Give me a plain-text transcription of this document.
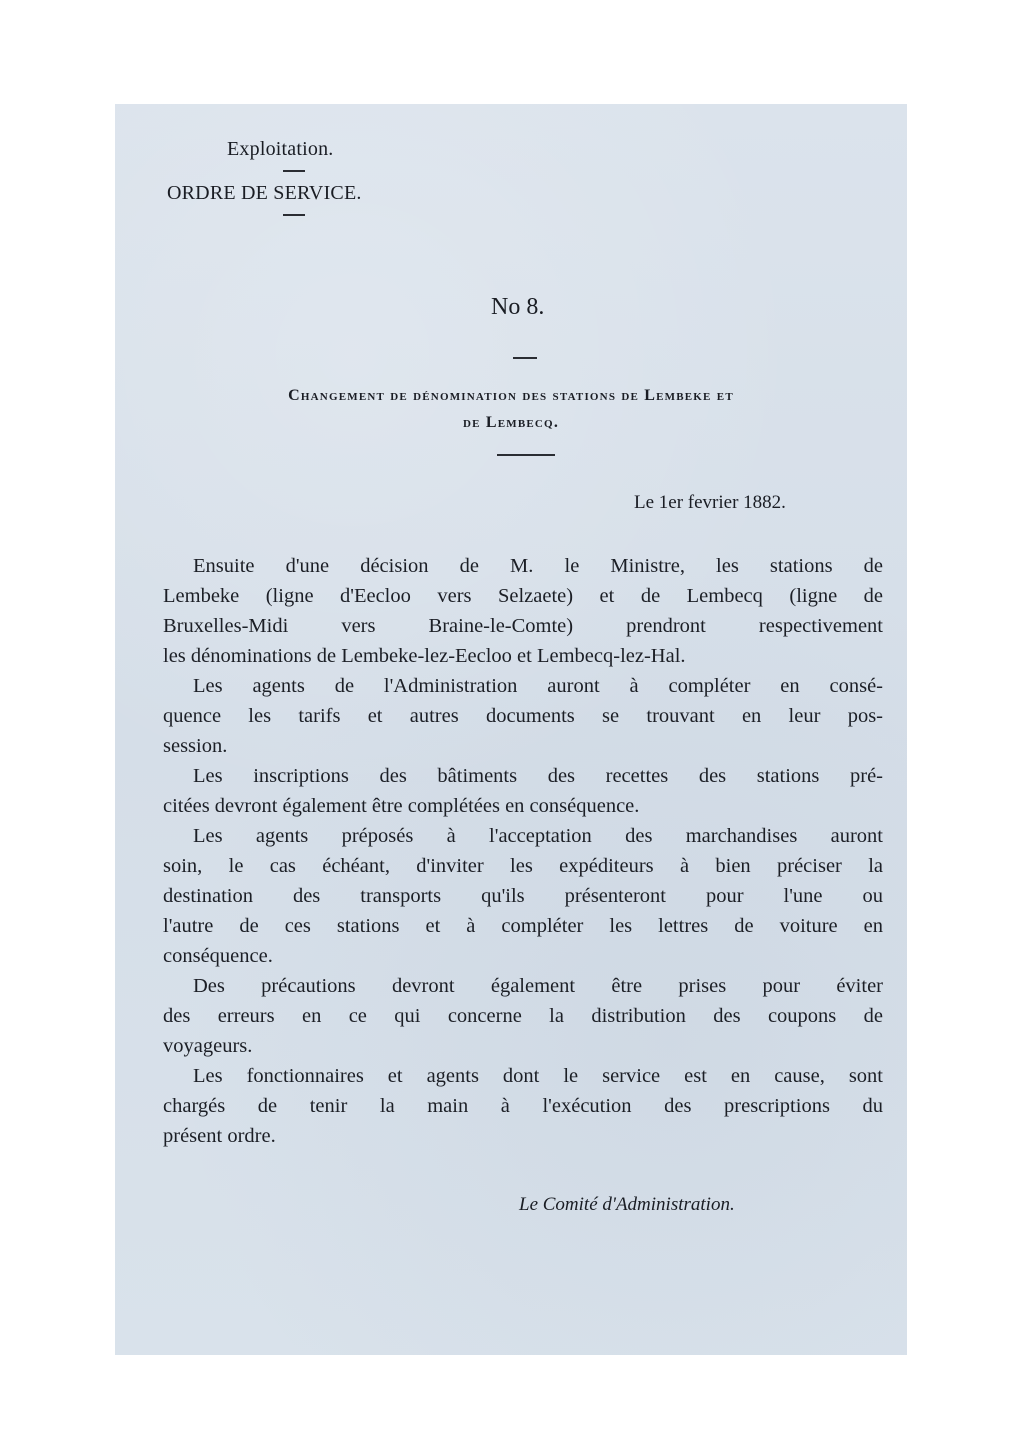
Exploitation.
ORDRE DE SERVICE.
No 8.
Changement de dénomination des stations de Lembeke et
de Lembecq.
Le 1er fevrier 1882.
Ensuite d'une décision de M. le Ministre, les stations de
Lembeke (ligne d'Eecloo vers Selzaete) et de Lembecq (ligne de
Bruxelles-Midi vers Braine-le-Comte) prendront respectivement
les dénominations de Lembeke-lez-Eecloo et Lembecq-lez-Hal.
Les agents de l'Administration auront à compléter en consé-
quence les tarifs et autres documents se trouvant en leur pos-
session.
Les inscriptions des bâtiments des recettes des stations pré-
citées devront également être complétées en conséquence.
Les agents préposés à l'acceptation des marchandises auront
soin, le cas échéant, d'inviter les expéditeurs à bien préciser la
destination des transports qu'ils présenteront pour l'une ou
l'autre de ces stations et à compléter les lettres de voiture en
conséquence.
Des précautions devront également être prises pour éviter
des erreurs en ce qui concerne la distribution des coupons de
voyageurs.
Les fonctionnaires et agents dont le service est en cause, sont
chargés de tenir la main à l'exécution des prescriptions du
présent ordre.
Le Comité d'Administration.
